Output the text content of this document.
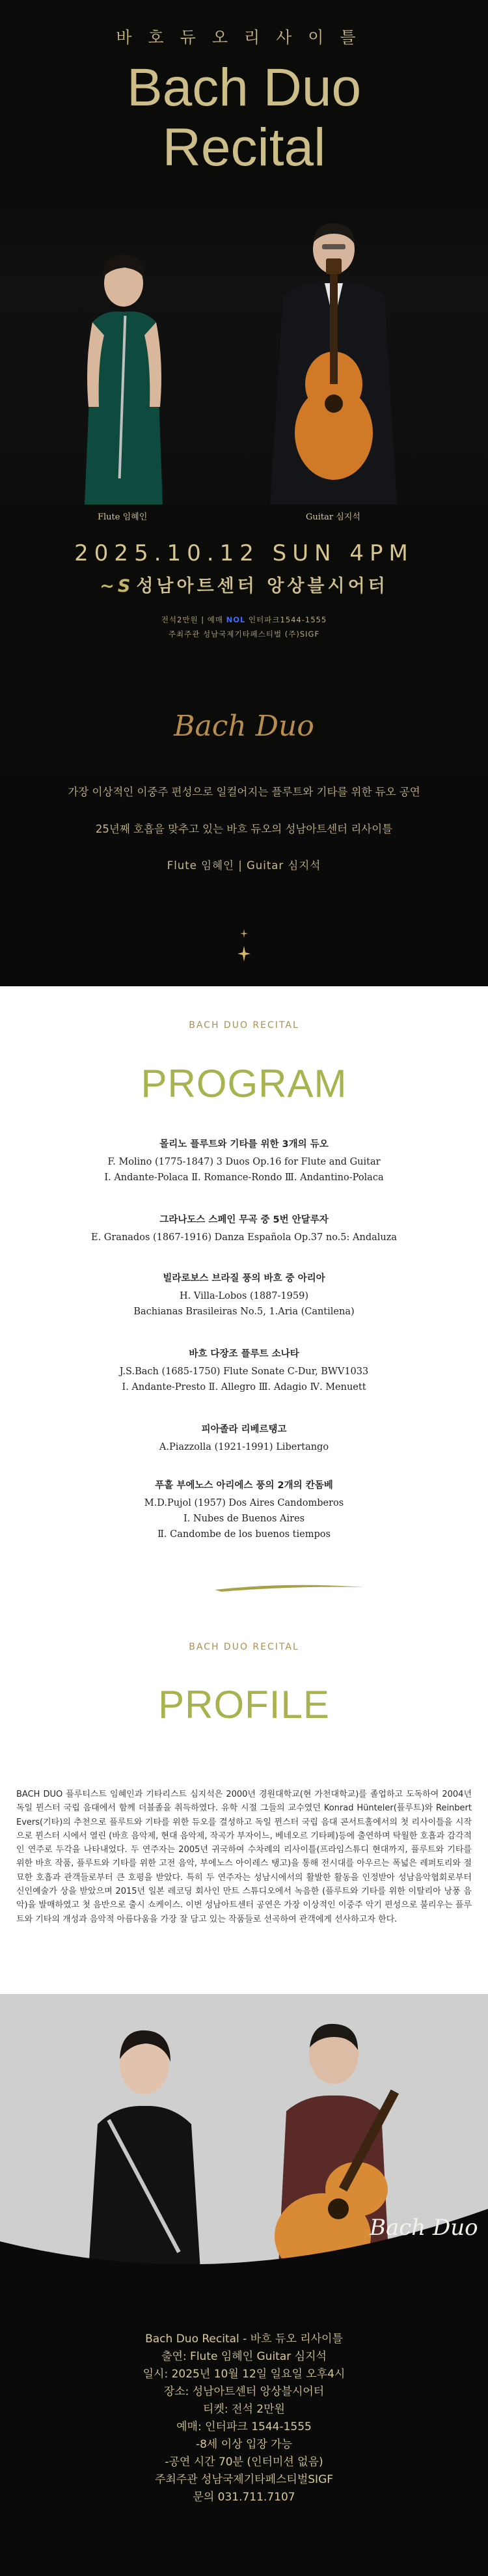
바호듀오리사이틀
Bach Duo
Recital
Flute 임혜인	Guitar 심지석
2025.10.12 SUN 4PM
~S 성남아트센터 앙상블시어터
전석2만원 | 예매 NOL 인터파크1544-1555
주최주관 성남국제기타페스티벌 (주)SIGF
Bach Duo
가장 이상적인 이중주 편성으로 일컬어지는 플루트와 기타를 위한 듀오 공연
25년째 호흡을 맞추고 있는 바흐 듀오의 성남아트센터 리사이틀
Flute 임혜인 | Guitar 심지석
BACH DUO RECITAL
PROGRAM
몰리노 플루트와 기타를 위한 3개의 듀오
F. Molino (1775-1847) 3 Duos Op.16 for Flute and Guitar
Ⅰ. Andante-Polaca Ⅱ. Romance-Rondo Ⅲ. Andantino-Polaca
그라나도스 스페인 무곡 중 5번 안달루자
E. Granados (1867-1916) Danza Española Op.37 no.5: Andaluza
빌라로보스 브라질 풍의 바흐 중 아리아
H. Villa-Lobos (1887-1959)
Bachianas Brasileiras No.5, 1.Aria (Cantilena)
바흐 다장조 플루트 소나타
J.S.Bach (1685-1750) Flute Sonate C-Dur, BWV1033
Ⅰ. Andante-Presto Ⅱ. Allegro Ⅲ. Adagio Ⅳ. Menuett
피아졸라 리베르탱고
A.Piazzolla (1921-1991) Libertango
푸홀 부에노스 아리에스 풍의 2개의 칸돔베
M.D.Pujol (1957) Dos Aires Candomberos
Ⅰ. Nubes de Buenos Aires
Ⅱ. Candombe de los buenos tiempos
BACH DUO RECITAL
PROFILE
BACH DUO 플루티스트 임혜인과 기타리스트 심지석은 2000년 경원대학교(현 가천대학교)를 졸업하고 도독하여 2004년 독일 뮌스터 국립 음대에서 함께 더블졸을 취득하였다. 유학 시절 그들의 교수였던 Konrad Hünteler(플루트)와 Reinbert Evers(기타)의 추천으로 플루트와 기타를 위한 듀오를 결성하고 독일 뮌스터 국립 음대 콘서트홀에서의 첫 리사이틀을 시작으로 뮌스터 시에서 열린 (바흐 음악제, 현대 음악제, 작곡가 부자이느, 베네오르 기타페)등에 출연하며 탁월한 호흡과 감각적인 연주로 두각을 나타내었다. 두 연주자는 2005년 귀국하여 수차례의 리사이틀(프라임스튜디 현대까지, 플루트와 기타를 위한 바흐 작품, 플루트와 기타를 위한 고전 음악, 부에노스 아이레스 탱고)을 통해 전시대를 아우르는 폭넓은 레퍼토리와 절묘한 호흡과 관객들로부터 큰 호평을 받았다. 특히 두 연주자는 성남시에서의 활발한 활동을 인정받아 성남음악협회로부터 신인예술가 상을 받았으며 2015년 일본 레코딩 회사인 만트 스튜디오에서 녹음한 (플루트와 기타를 위한 이탈리아 낭풍 음악)을 발매하였고 첫 음반으로 출시 쇼케이스. 이번 성남아트센터 공연은 가장 이상적인 이중주 악기 편성으로 불리우는 플루트와 기타의 개성과 음악적 아름다움을 가장 잘 담고 있는 작품들로 선곡하여 관객에게 선사하고자 한다.
Bach Duo
Bach Duo Recital - 바흐 듀오 리사이틀
출연: Flute 임혜인 Guitar 심지석
일시: 2025년 10월 12일 일요일 오후4시
장소: 성남아트센터 앙상블시어터
티켓: 전석 2만원
예매: 인터파크 1544-1555
-8세 이상 입장 가능
-공연 시간 70분 (인터미션 없음)
주최주관 성남국제기타페스티벌SIGF
문의 031.711.7107
